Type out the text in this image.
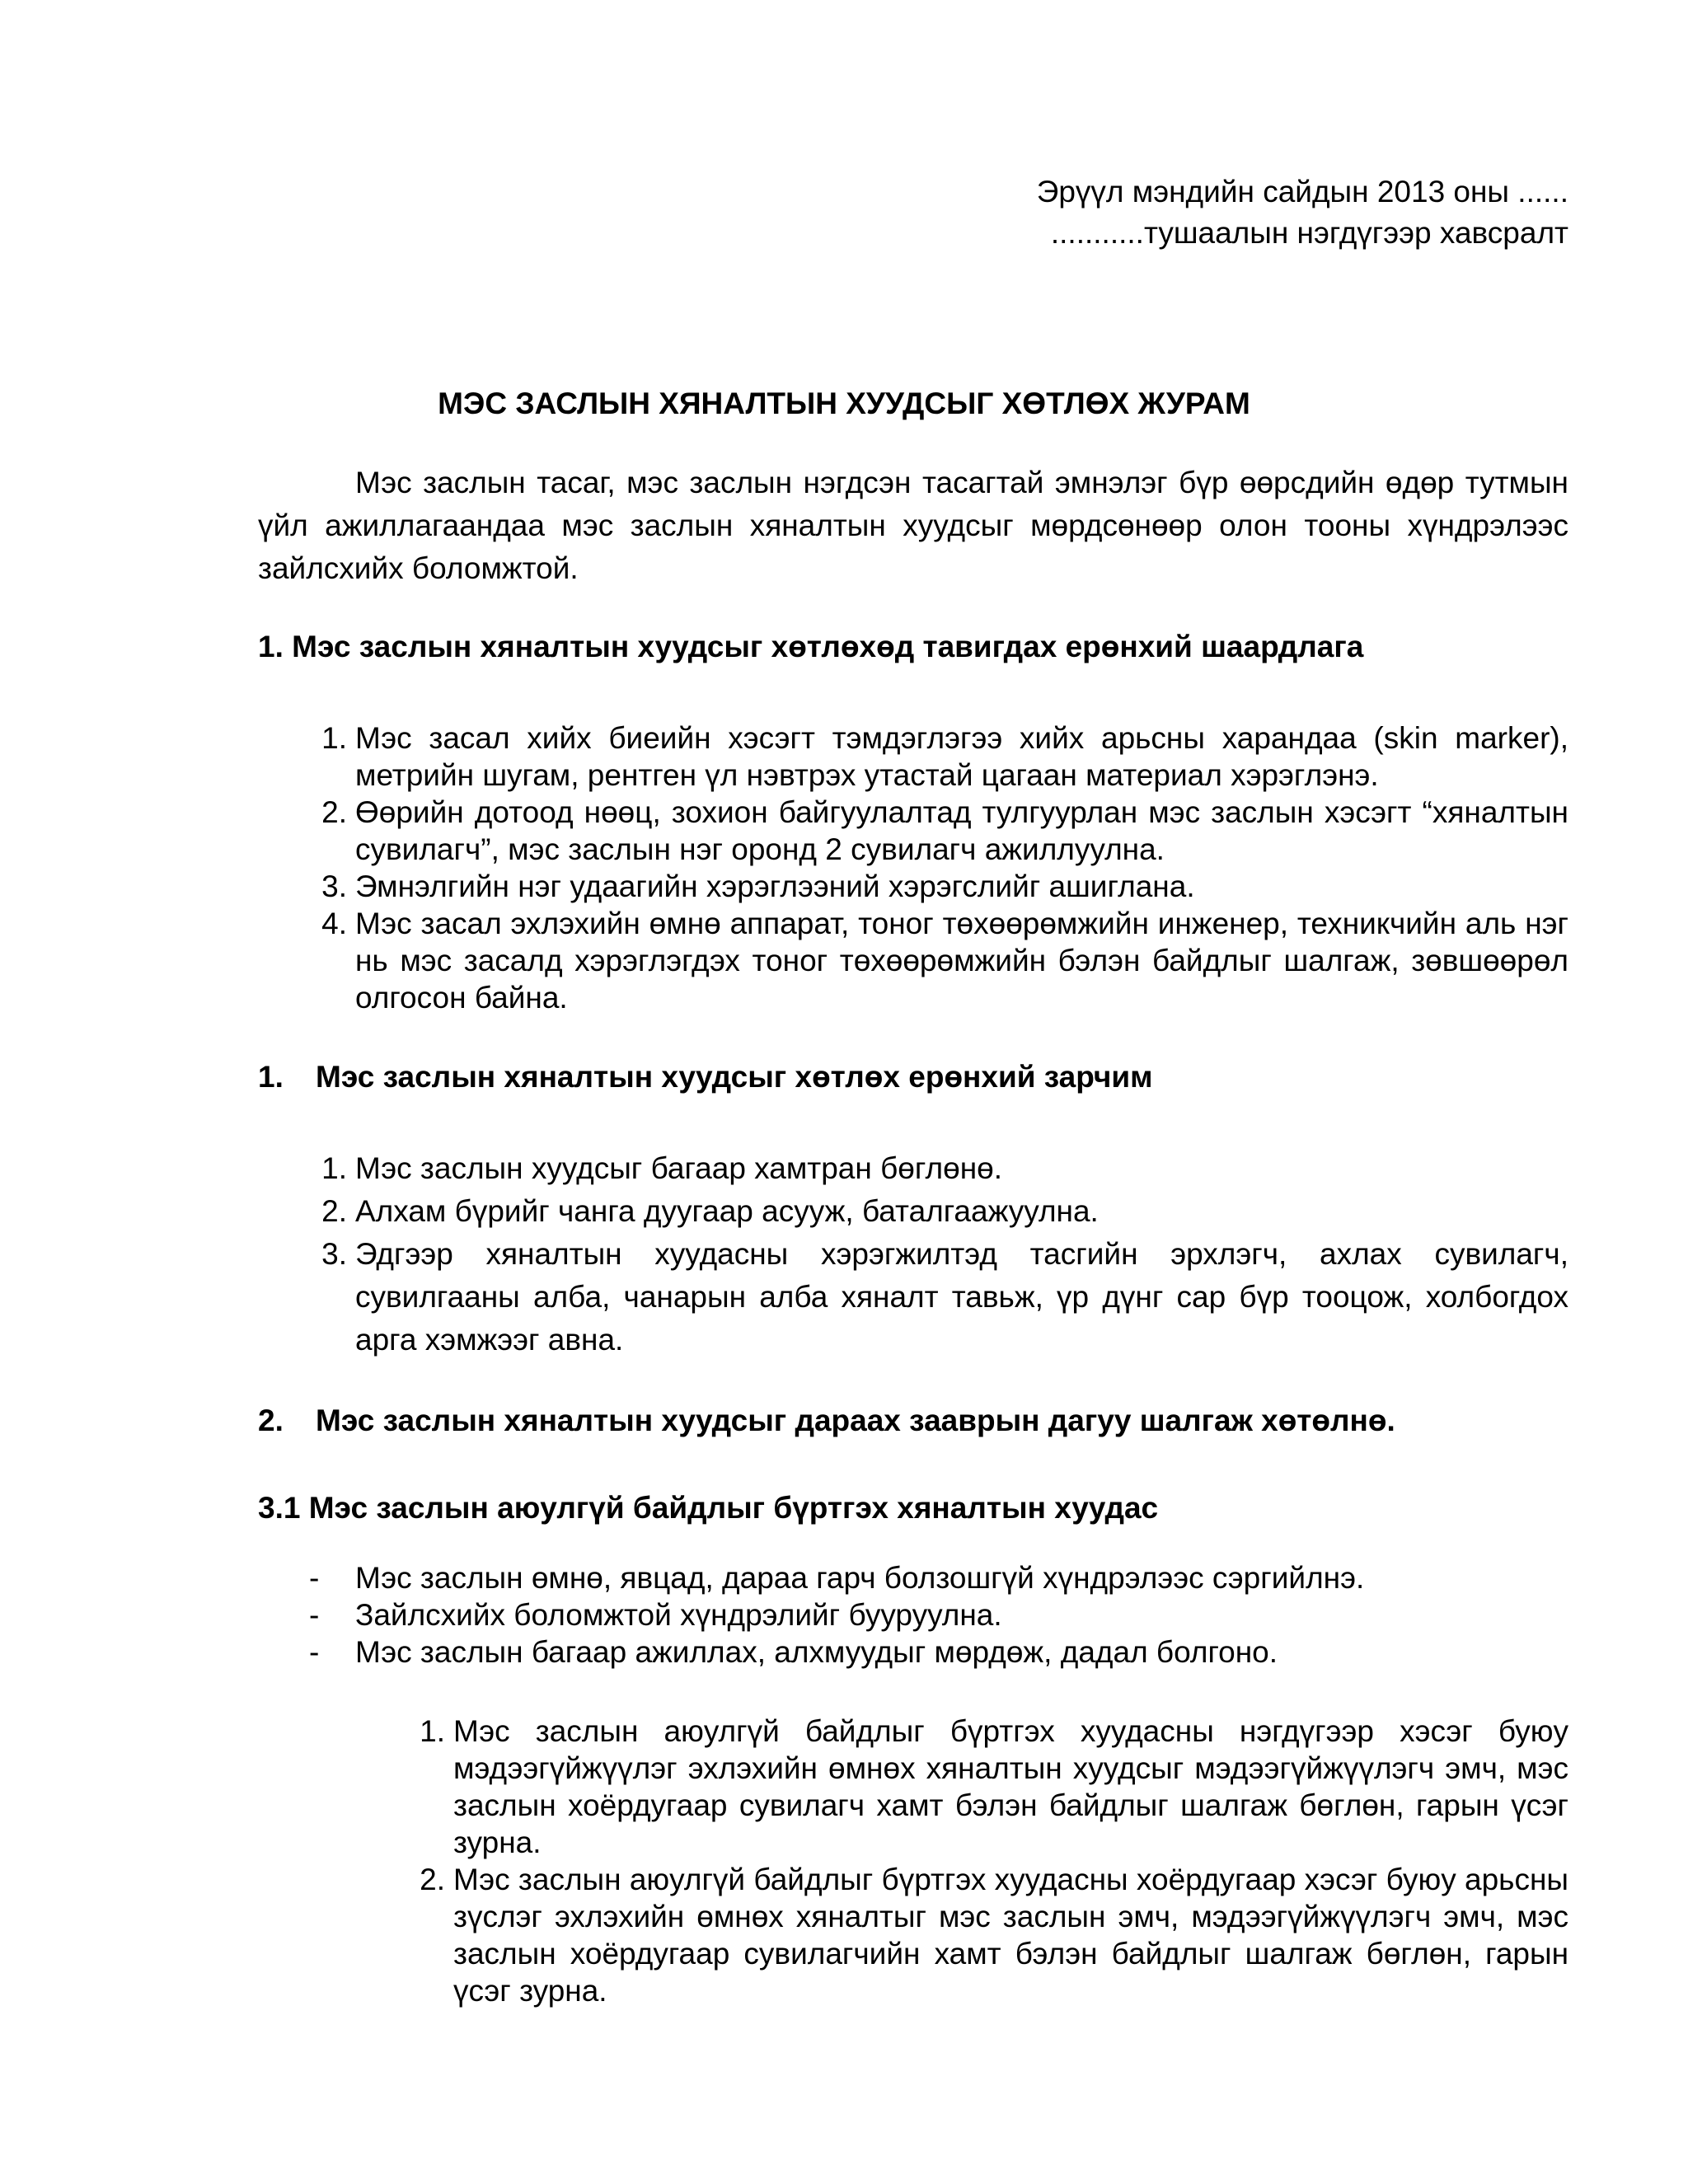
Эрүүл мэндийн сайдын 2013 оны ......
...........тушаалын нэгдүгээр хавсралт
МЭС ЗАСЛЫН ХЯНАЛТЫН ХУУДСЫГ ХӨТЛӨХ ЖУРАМ
Мэс заслын тасаг, мэс заслын нэгдсэн тасагтай эмнэлэг бүр өөрсдийн өдөр тутмын үйл ажиллагаандаа мэс заслын хяналтын хуудсыг мөрдсөнөөр олон тооны хүндрэлээс зайлсхийх боломжтой.
1. Мэс заслын хяналтын хуудсыг хөтлөхөд тавигдах ерөнхий шаардлага
1. Мэс засал хийх биеийн хэсэгт тэмдэглэгээ хийх арьсны харандаа (skin marker), метрийн шугам, рентген үл нэвтрэх утастай цагаан материал хэрэглэнэ.
2. Өөрийн дотоод нөөц, зохион байгуулалтад тулгуурлан мэс заслын хэсэгт “хяналтын сувилагч”, мэс заслын нэг оронд 2 сувилагч ажиллуулна.
3. Эмнэлгийн нэг удаагийн хэрэглээний хэрэгслийг ашиглана.
4. Мэс засал эхлэхийн өмнө аппарат, тоног төхөөрөмжийн инженер, техникчийн аль нэг нь мэс засалд хэрэглэгдэх тоног төхөөрөмжийн бэлэн байдлыг шалгаж, зөвшөөрөл олгосон байна.
1. Мэс заслын хяналтын хуудсыг хөтлөх ерөнхий зарчим
1. Мэс заслын хуудсыг багаар хамтран бөглөнө.
2. Алхам бүрийг чанга дуугаар асууж, баталгаажуулна.
3. Эдгээр хяналтын хуудасны хэрэгжилтэд тасгийн эрхлэгч, ахлах сувилагч, сувилгааны алба, чанарын алба хяналт тавьж, үр дүнг сар бүр тооцож, холбогдох арга хэмжээг авна.
2. Мэс заслын хяналтын хуудсыг дараах зааврын дагуу шалгаж хөтөлнө.
3.1 Мэс заслын аюулгүй байдлыг бүртгэх хяналтын хуудас
-	Мэс заслын өмнө, явцад, дараа гарч болзошгүй хүндрэлээс сэргийлнэ.
-	Зайлсхийх боломжтой хүндрэлийг бууруулна.
-	Мэс заслын багаар ажиллах, алхмуудыг мөрдөж, дадал болгоно.
1. Мэс заслын аюулгүй байдлыг бүртгэх хуудасны нэгдүгээр хэсэг буюу мэдээгүйжүүлэг эхлэхийн өмнөх хяналтын хуудсыг мэдээгүйжүүлэгч эмч, мэс заслын хоёрдугаар сувилагч хамт бэлэн байдлыг шалгаж бөглөн, гарын үсэг зурна.
2. Мэс заслын аюулгүй байдлыг бүртгэх хуудасны хоёрдугаар хэсэг буюу арьсны зүслэг эхлэхийн өмнөх хяналтыг мэс заслын эмч, мэдээгүйжүүлэгч эмч, мэс заслын хоёрдугаар сувилагчийн хамт бэлэн байдлыг шалгаж бөглөн, гарын үсэг зурна.
